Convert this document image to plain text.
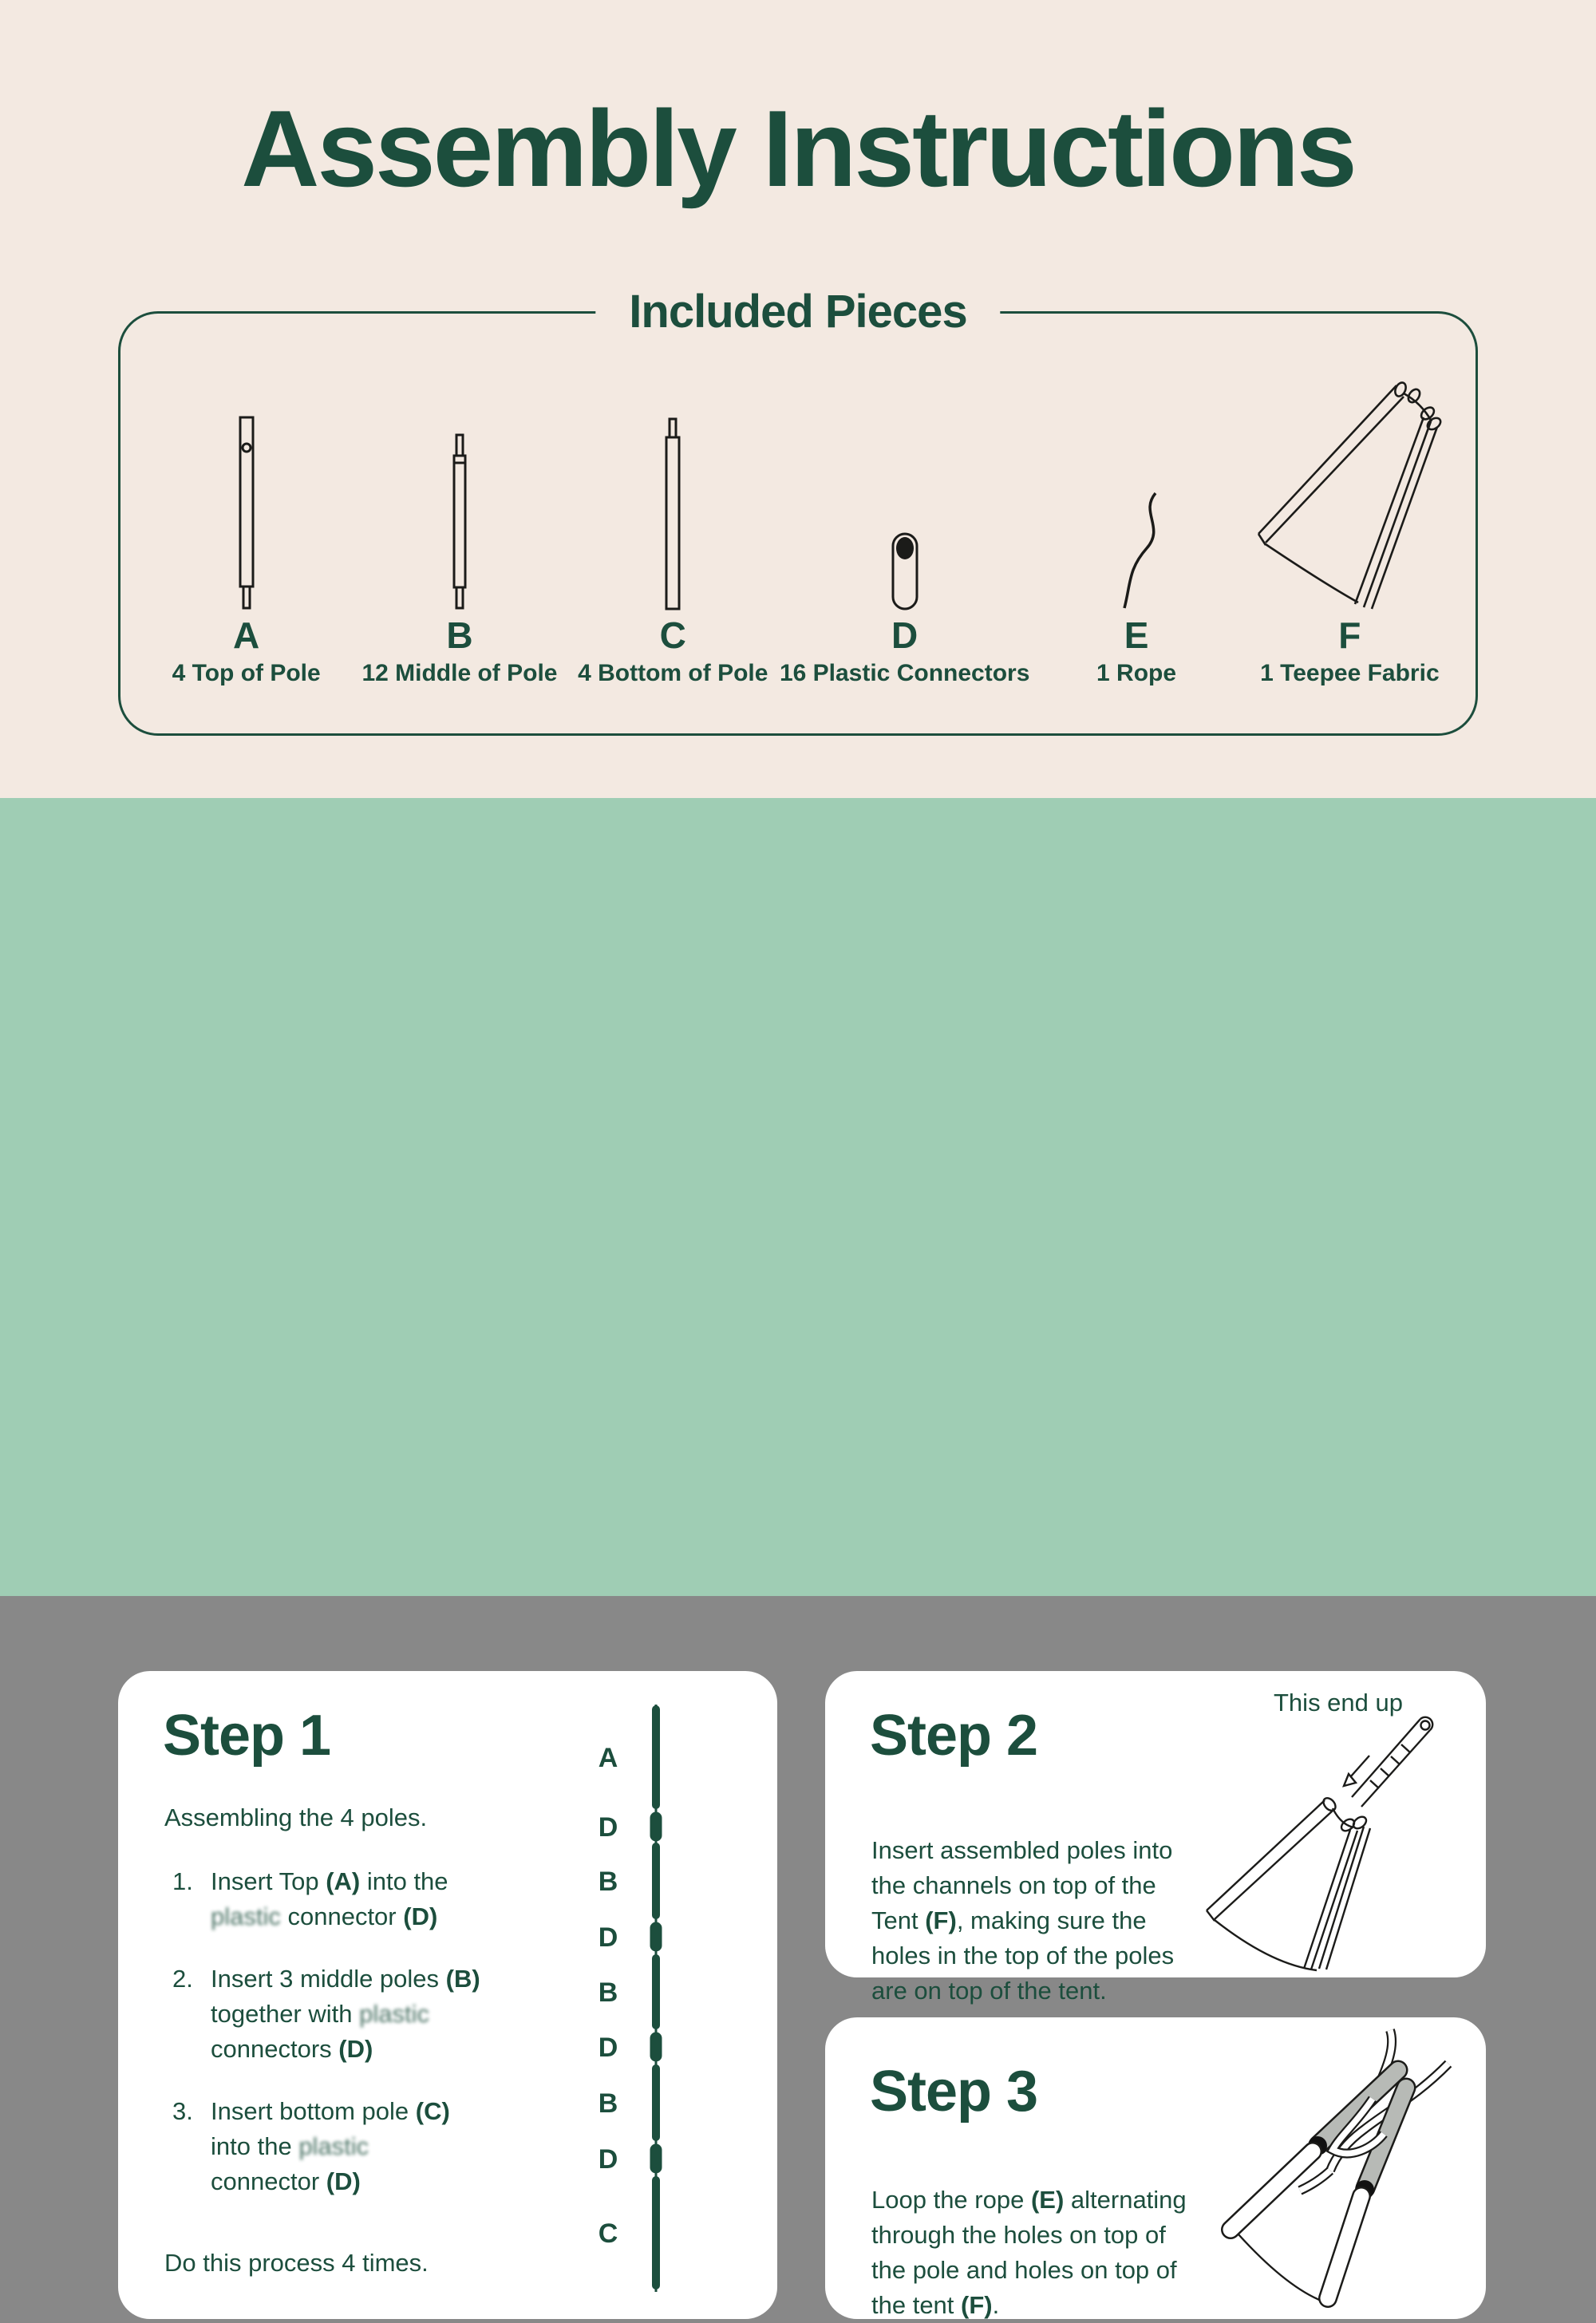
Assembly Instructions
Included Pieces
A
4 Top of Pole
B
12 Middle of Pole
C
4 Bottom of Pole
D
16 Plastic Connectors
E
1 Rope
F
1 Teepee Fabric
Step 1
Assembling the 4 poles.
1. Insert Top (A) into the
plastic connector (D)
2. Insert 3 middle poles (B)
together with plastic
connectors (D)
3. Insert bottom pole (C)
into the plastic
connector (D)
Do this process 4 times.
A
D
B
D
B
D
B
D
C
Step 2
This end up

Insert assembled poles into the channels on top of the Tent (F), making sure the holes in the top of the poles are on top of the tent.

Step 3

Loop the rope (E) alternating through the holes on top of the pole and holes on top of the tent (F).
